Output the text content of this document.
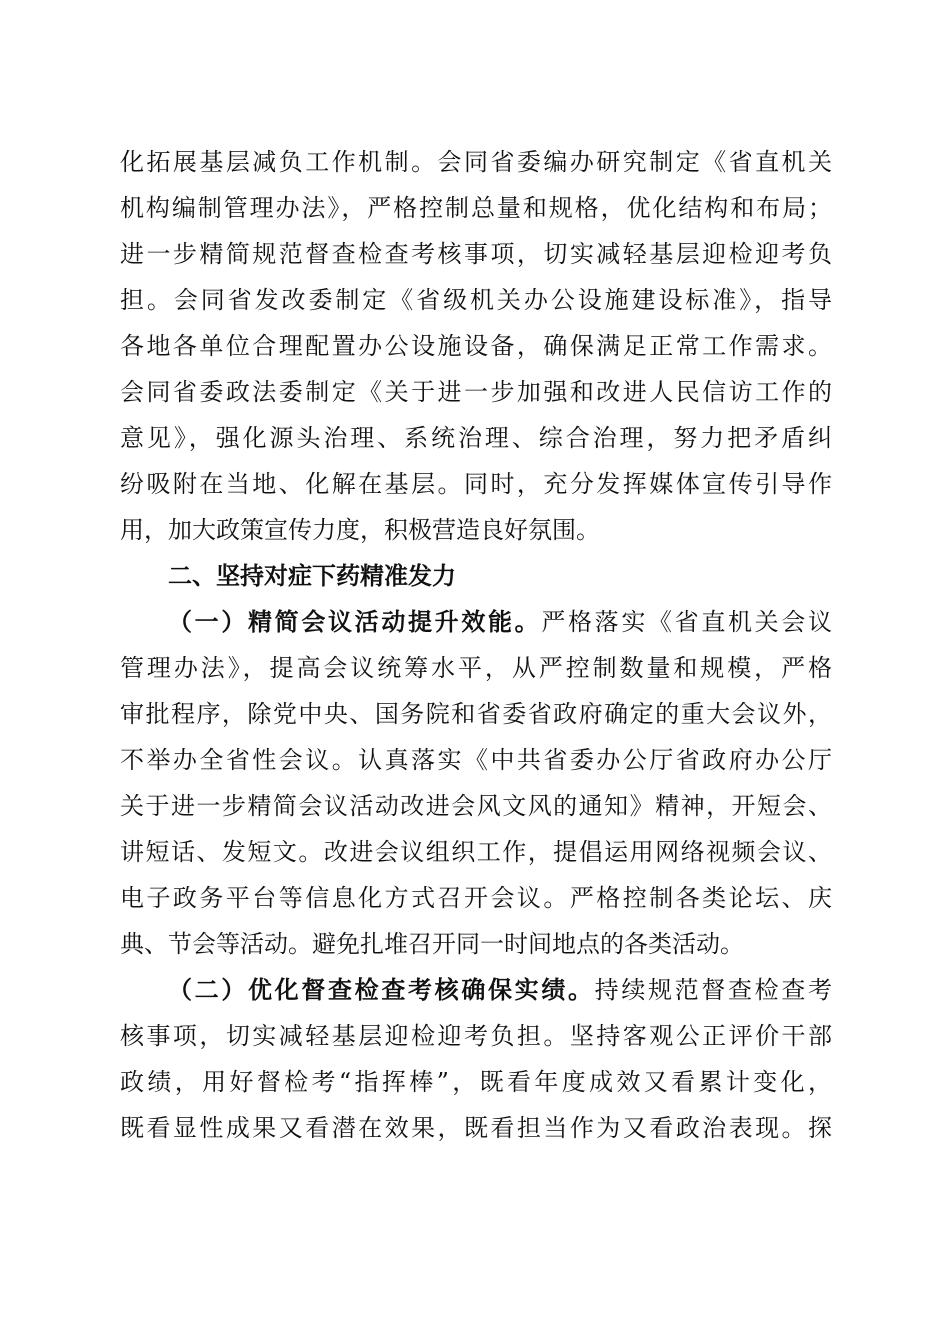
化拓展基层减负工作机制。会同省委编办研究制定《省直机关
机构编制管理办法》，严格控制总量和规格，优化结构和布局；
进一步精简规范督查检查考核事项，切实减轻基层迎检迎考负
担。会同省发改委制定《省级机关办公设施建设标准》，指导
各地各单位合理配置办公设施设备，确保满足正常工作需求。
会同省委政法委制定《关于进一步加强和改进人民信访工作的
意见》，强化源头治理、系统治理、综合治理，努力把矛盾纠
纷吸附在当地、化解在基层。同时，充分发挥媒体宣传引导作
用，加大政策宣传力度，积极营造良好氛围。
二、坚持对症下药精准发力
（一）精简会议活动提升效能。严格落实《省直机关会议
管理办法》，提高会议统筹水平，从严控制数量和规模，严格
审批程序，除党中央、国务院和省委省政府确定的重大会议外，
不举办全省性会议。认真落实《中共省委办公厅省政府办公厅
关于进一步精简会议活动改进会风文风的通知》精神，开短会、
讲短话、发短文。改进会议组织工作，提倡运用网络视频会议、
电子政务平台等信息化方式召开会议。严格控制各类论坛、庆
典、节会等活动。避免扎堆召开同一时间地点的各类活动。
（二）优化督查检查考核确保实绩。持续规范督查检查考
核事项，切实减轻基层迎检迎考负担。坚持客观公正评价干部
政绩，用好督检考“指挥棒”，既看年度成效又看累计变化，
既看显性成果又看潜在效果，既看担当作为又看政治表现。探
